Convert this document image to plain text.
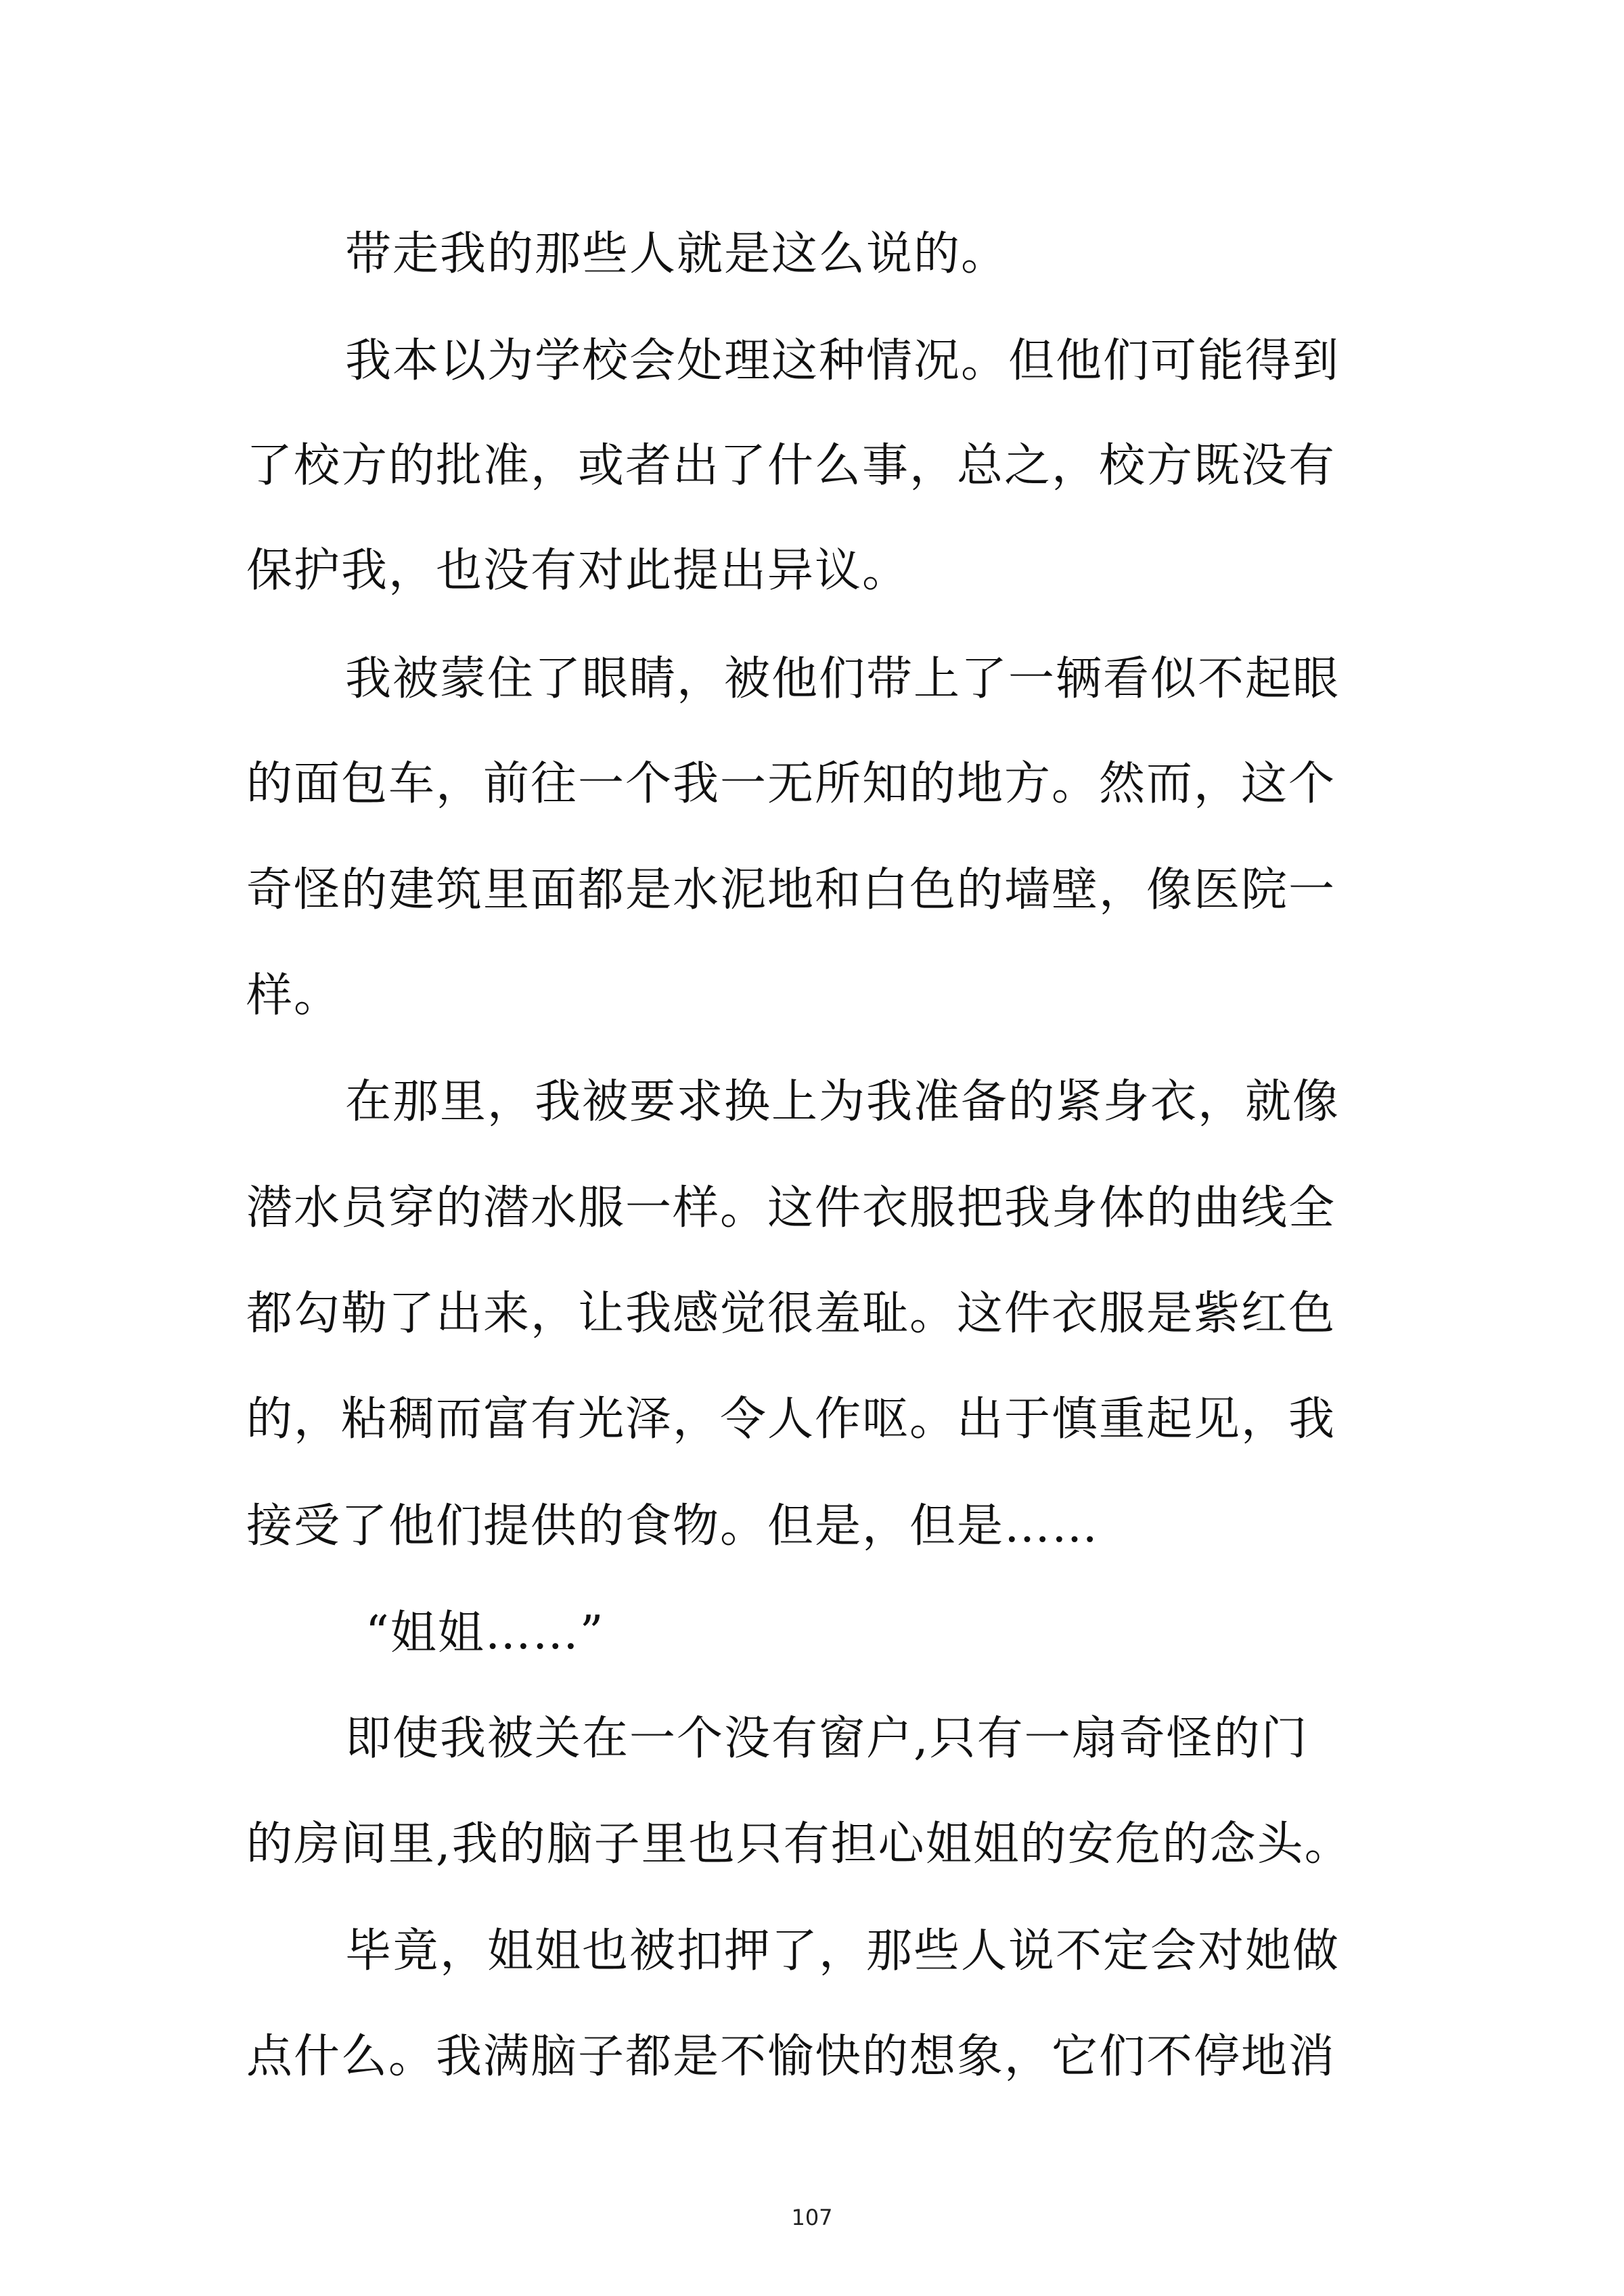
带走我的那些人就是这么说的。
我本以为学校会处理这种情况。但他们可能得到
了校方的批准，或者出了什么事，总之，校方既没有
保护我，也没有对此提出异议。
我被蒙住了眼睛，被他们带上了一辆看似不起眼
的面包车，前往一个我一无所知的地方。然而，这个
奇怪的建筑里面都是水泥地和白色的墙壁，像医院一
样。
在那里，我被要求换上为我准备的紧身衣，就像
潜水员穿的潜水服一样。这件衣服把我身体的曲线全
都勾勒了出来，让我感觉很羞耻。这件衣服是紫红色
的，粘稠而富有光泽，令人作呕。出于慎重起见，我
接受了他们提供的食物。但是，但是……
“姐姐……”
即使我被关在一个没有窗户,只有一扇奇怪的门
的房间里,我的脑子里也只有担心姐姐的安危的念头。
毕竟，姐姐也被扣押了，那些人说不定会对她做
点什么。我满脑子都是不愉快的想象，它们不停地消
107
